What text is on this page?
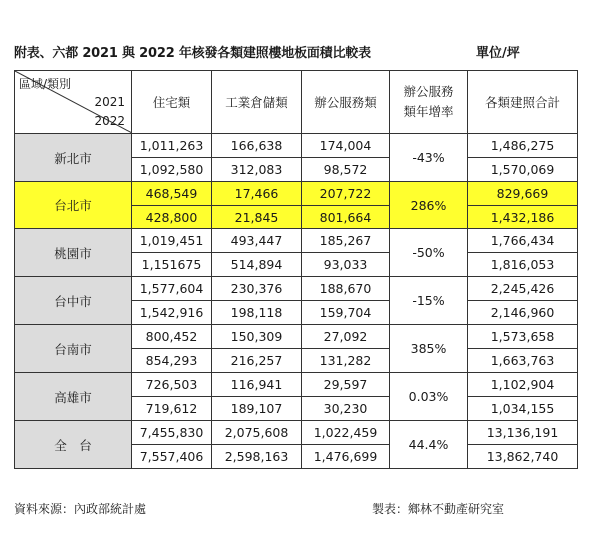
附表、六都 2021 與 2022 年核發各類建照樓地板面積比較表	單位/坪
區域/類別
2021
2022	住宅類	工業倉儲類	辦公服務類	辦公服務
類年增率	各類建照合計
新北市	1,011,263	166,638	174,004	-43%	1,486,275
	1,092,580	312,083	98,572		1,570,069
台北市	468,549	17,466	207,722	286%	829,669
	428,800	21,845	801,664		1,432,186
桃園市	1,019,451	493,447	185,267	-50%	1,766,434
	1,151675	514,894	93,033		1,816,053
台中市	1,577,604	230,376	188,670	-15%	2,245,426
	1,542,916	198,118	159,704		2,146,960
台南市	800,452	150,309	27,092	385%	1,573,658
	854,293	216,257	131,282		1,663,763
高雄市	726,503	116,941	29,597	0.03%	1,102,904
	719,612	189,107	30,230		1,034,155
全　台	7,455,830	2,075,608	1,022,459	44.4%	13,136,191
	7,557,406	2,598,163	1,476,699		13,862,740
資料來源：內政部統計處	製表：鄉林不動產研究室
